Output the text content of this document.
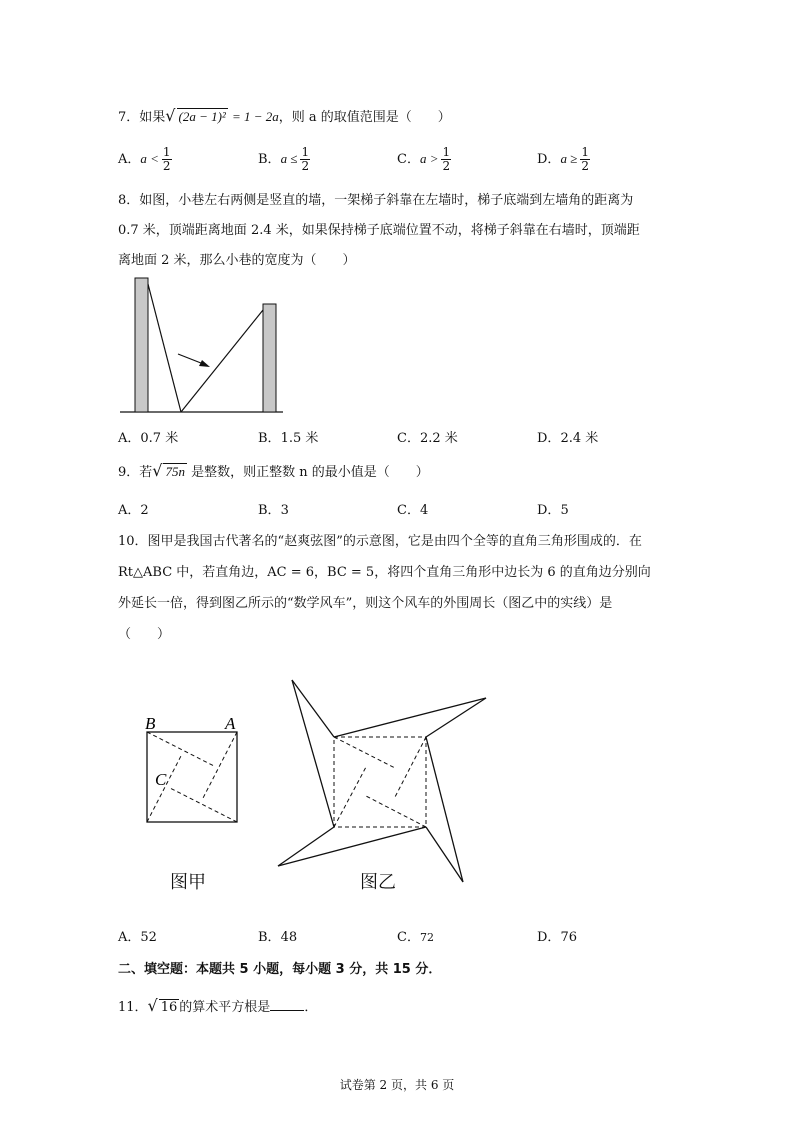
7．如果√ (2a − 1)² = 1 − 2a，则 a 的取值范围是（　　）
A．$a < \frac{1}{2}$	B．$a \le \frac{1}{2}$	C．$a > \frac{1}{2}$	D．$a \ge \frac{1}{2}$
8．如图，小巷左右两侧是竖直的墙，一架梯子斜靠在左墙时，梯子底端到左墙角的距离为
0.7 米，顶端距离地面 2.4 米，如果保持梯子底端位置不动，将梯子斜靠在右墙时，顶端距
离地面 2 米，那么小巷的宽度为（　　）
A．0.7 米	B．1.5 米	C．2.2 米	D．2.4 米
9．若√ 75n 是整数，则正整数 n 的最小值是（　　）
A．2	B．3	C．4	D．5
10．图甲是我国古代著名的“赵爽弦图”的示意图，它是由四个全等的直角三角形围成的．在
Rt△ABC 中，若直角边，AC = 6，BC = 5，将四个直角三角形中边长为 6 的直角边分别向
外延长一倍，得到图乙所示的“数学风车”，则这个风车的外围周长（图乙中的实线）是
（　　）
B	A
C
图甲	图乙
A．52	B．48	C．72	D．76
二、填空题：本题共 5 小题，每小题 3 分，共 15 分．
11．√ 16 的算术平方根是	．
试卷第 2 页，共 6 页
